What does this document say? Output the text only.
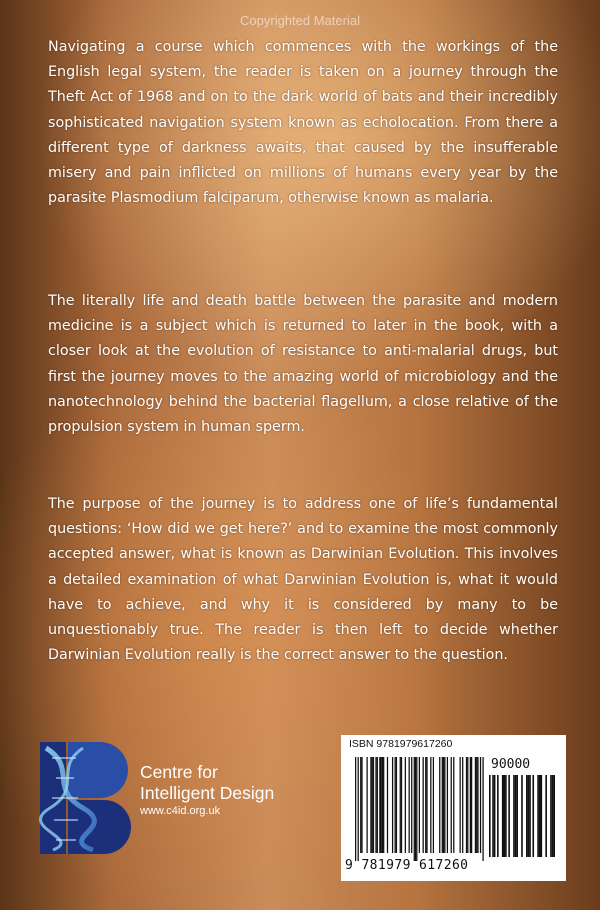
Copyrighted Material

Navigating a course which commences with the workings of the English legal system, the reader is taken on a journey through the Theft Act of 1968 and on to the dark world of bats and their incredibly sophisticated navigation system known as echolocation. From there a different type of darkness awaits, that caused by the insufferable misery and pain inflicted on millions of humans every year by the parasite Plasmodium falciparum, otherwise known as malaria.

The literally life and death battle between the parasite and modern medicine is a subject which is returned to later in the book, with a closer look at the evolution of resistance to anti-malarial drugs, but first the journey moves to the amazing world of microbiology and the nanotechnology behind the bacterial flagellum, a close relative of the propulsion system in human sperm.

The purpose of the journey is to address one of life’s fundamental questions: ‘How did we get here?’ and to examine the most commonly accepted answer, what is known as Darwinian Evolution. This involves a detailed examination of what Darwinian Evolution is, what it would have to achieve, and why it is considered by many to be unquestionably true. The reader is then left to decide whether Darwinian Evolution really is the correct answer to the question.

Centre for
Intelligent Design
www.c4id.org.uk
ISBN 9781979617260
90000
9 781979 617260
